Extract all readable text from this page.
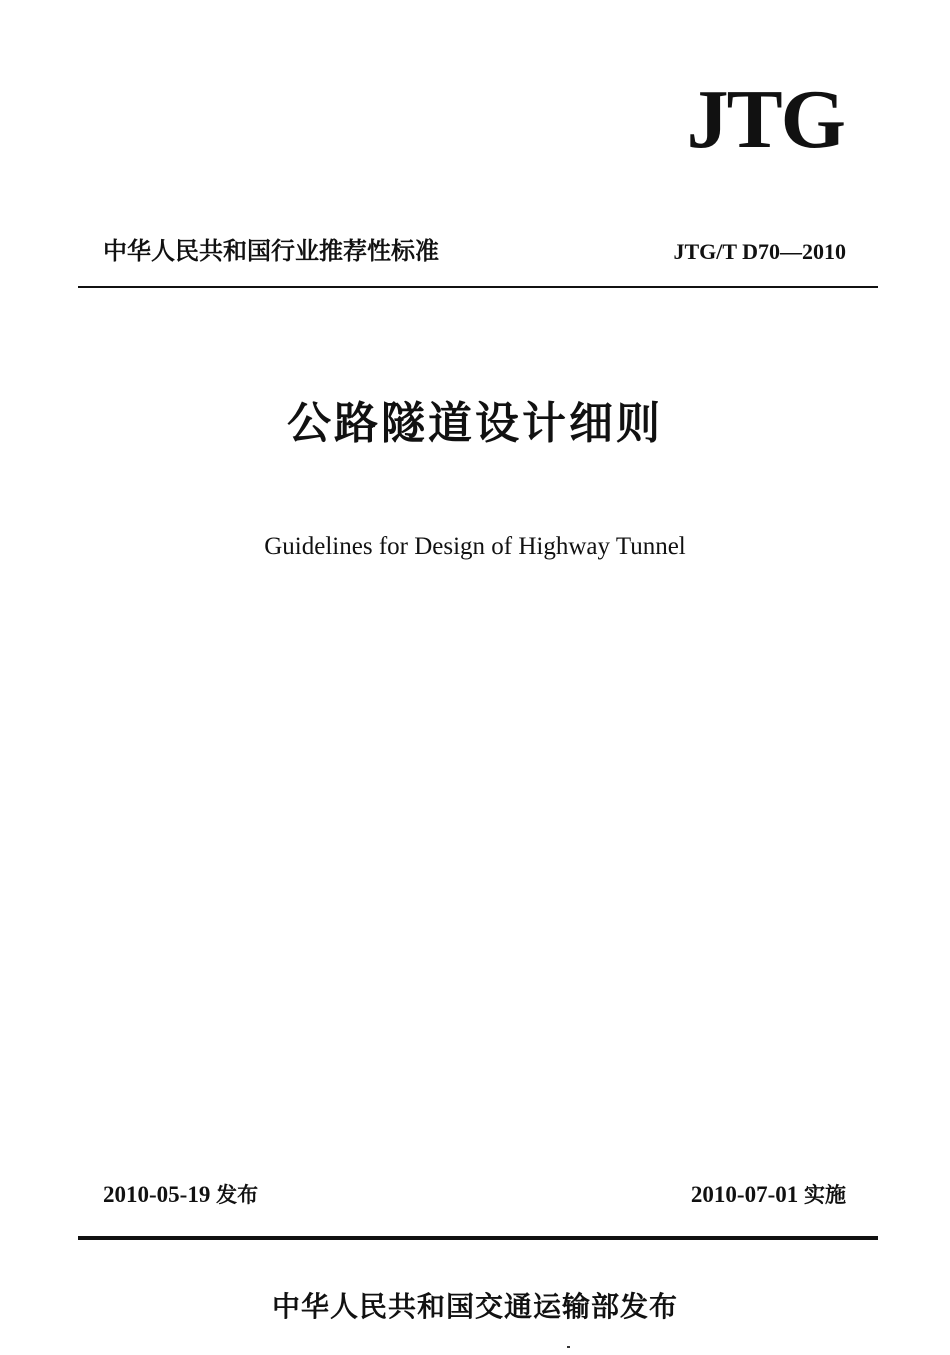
JTG
中华人民共和国行业推荐性标准	JTG/T D70—2010
公路隧道设计细则
Guidelines for Design of Highway Tunnel
2010-05-19 发布	2010-07-01 实施
中华人民共和国交通运输部发布
